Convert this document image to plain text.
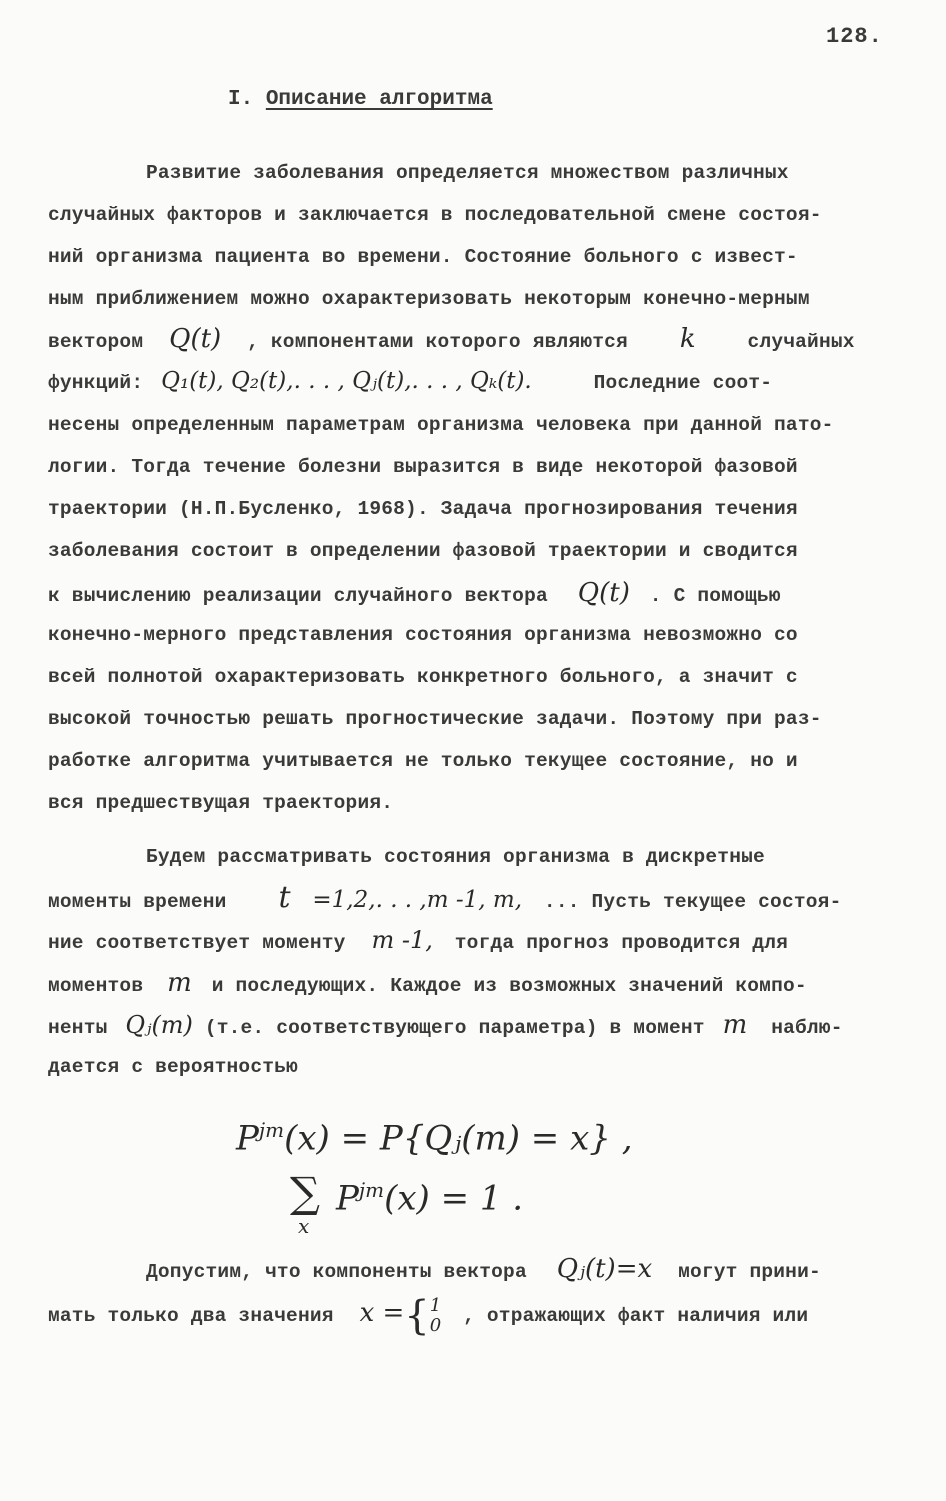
128.
I. Описание алгоритма
Развитие заболевания определяется множеством различных
случайных факторов и заключается в последовательной смене состоя-
ний организма пациента во времени. Состояние больного с извест-
ным приближением можно охарактеризовать некоторым конечно-мерным
вектором Q(t) , компонентами которого являются k	случайных
функций: Q₁(t), Q₂(t),. . . , Qⱼ(t),. . . , Qₖ(t).	Последние соот-
несены определенным параметрам организма человека при данной пато-
логии. Тогда течение болезни выразится в виде некоторой фазовой
траектории (Н.П.Бусленко, 1968). Задача прогнозирования течения
заболевания состоит в определении фазовой траектории и сводится
к вычислению реализации случайного вектора Q(t) . С помощью
конечно-мерного представления состояния организма невозможно со
всей полнотой охарактеризовать конкретного больного, а значит с
высокой точностью решать прогностические задачи. Поэтому при раз-
работке алгоритма учитывается не только текущее состояние, но и
вся предшествущая траектория.
Будем рассматривать состояния организма в дискретные
моменты времени t =1,2,. . . ,m -1, m, ... Пусть текущее состоя-
ние соответствует моменту m -1, тогда прогноз проводится для
моментов m и последующих. Каждое из возможных значений компо-
ненты Qⱼ(m) (т.е. соответствующего параметра) в момент m наблю-
дается с вероятностью
$P^{jm}(x)$ = P{Qⱼ(m) = x} ,
∑
x
$P^{jm}(x) = 1$ .
Допустим, что компоненты вектора Qⱼ(t)=x могут прини-
мать только два значения x ={1
0 , отражающих факт наличия или
